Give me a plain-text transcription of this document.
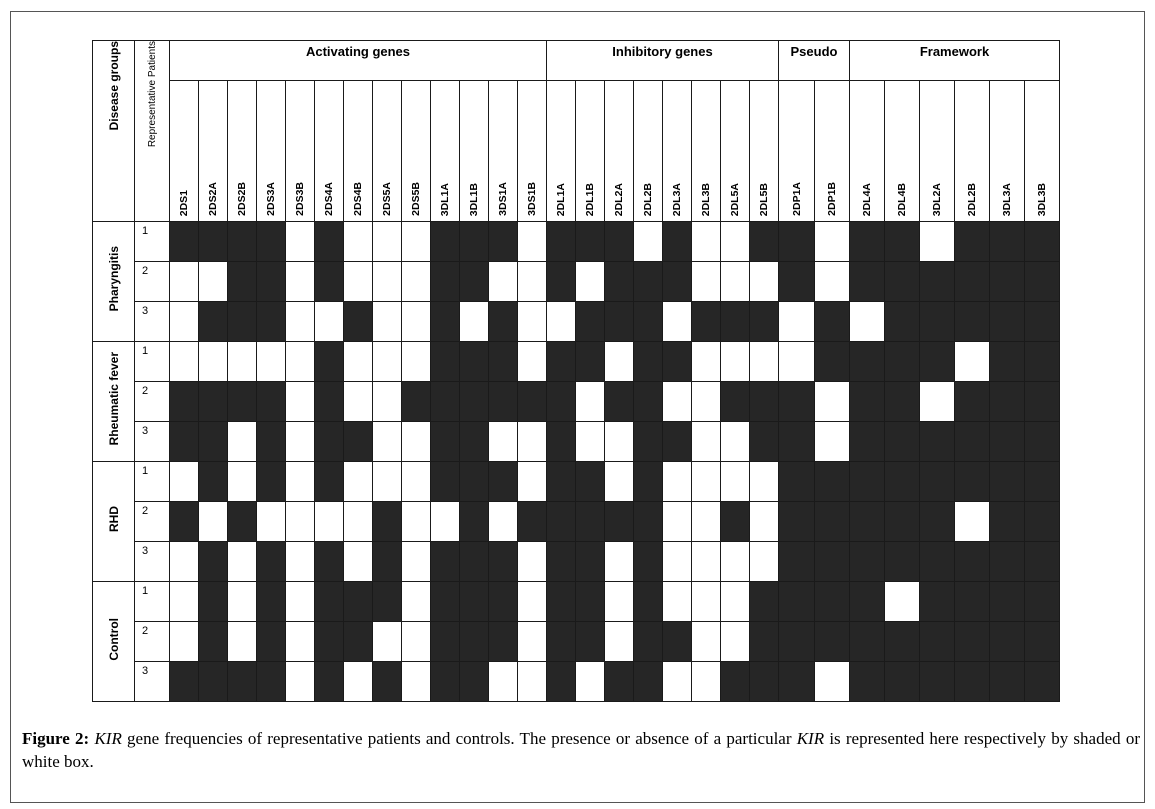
Disease groups	Representative Patients	Activating genes													Inhibitory genes								Pseudo		Framework					
		2DS1	2DS2A	2DS2B	2DS3A	2DS3B	2DS4A	2DS4B	2DS5A	2DS5B	3DL1A	3DL1B	3DS1A	3DS1B	2DL1A	2DL1B	2DL2A	2DL2B	2DL3A	2DL3B	2DL5A	2DL5B	2DP1A	2DP1B	2DL4A	2DL4B	3DL2A	2DL2B	3DL3A	3DL3B
Pharyngitis	1																													
	2																													
	3																													
Rheumatic fever	1																													
	2																													
	3																													
RHD	1																													
	2																													
	3																													
Control	1																													
	2																													
	3																													
Figure 2: KIR gene frequencies of representative patients and controls. The presence or absence of a particular KIR is represented here respectively by shaded or white box.
